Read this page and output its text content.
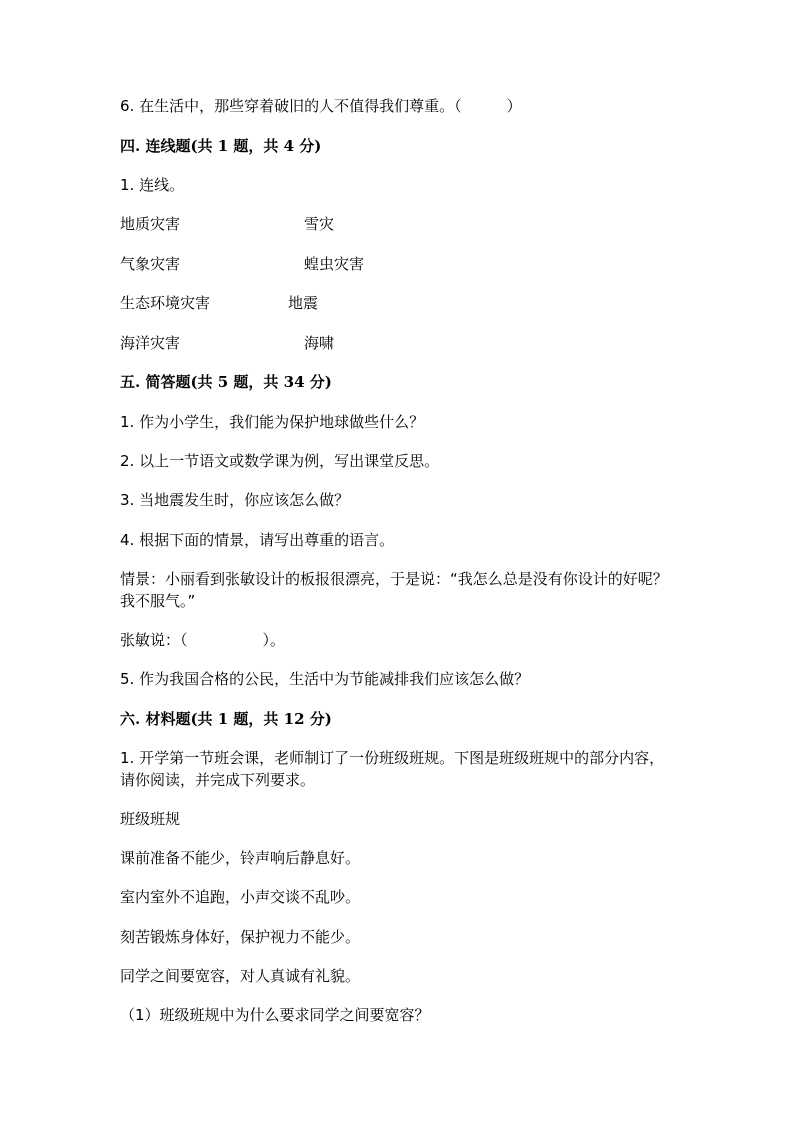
6. 在生活中，那些穿着破旧的人不值得我们尊重。（　　　）

四. 连线题(共 1 题，共 4 分)

1. 连线。

地质灾害	雪灾

气象灾害	蝗虫灾害

生态环境灾害	地震

海洋灾害	海啸

五. 简答题(共 5 题，共 34 分)

1. 作为小学生，我们能为保护地球做些什么？

2. 以上一节语文或数学课为例，写出课堂反思。

3. 当地震发生时，你应该怎么做？

4. 根据下面的情景，请写出尊重的语言。

情景：小丽看到张敏设计的板报很漂亮，于是说：“我怎么总是没有你设计的好呢？我不服气。”

张敏说：（　　　　　）。

5. 作为我国合格的公民，生活中为节能减排我们应该怎么做？

六. 材料题(共 1 题，共 12 分)

1. 开学第一节班会课，老师制订了一份班级班规。下图是班级班规中的部分内容，请你阅读，并完成下列要求。

班级班规

课前准备不能少，铃声响后静息好。

室内室外不追跑，小声交谈不乱吵。

刻苦锻炼身体好，保护视力不能少。

同学之间要宽容，对人真诚有礼貌。

（1）班级班规中为什么要求同学之间要宽容？
